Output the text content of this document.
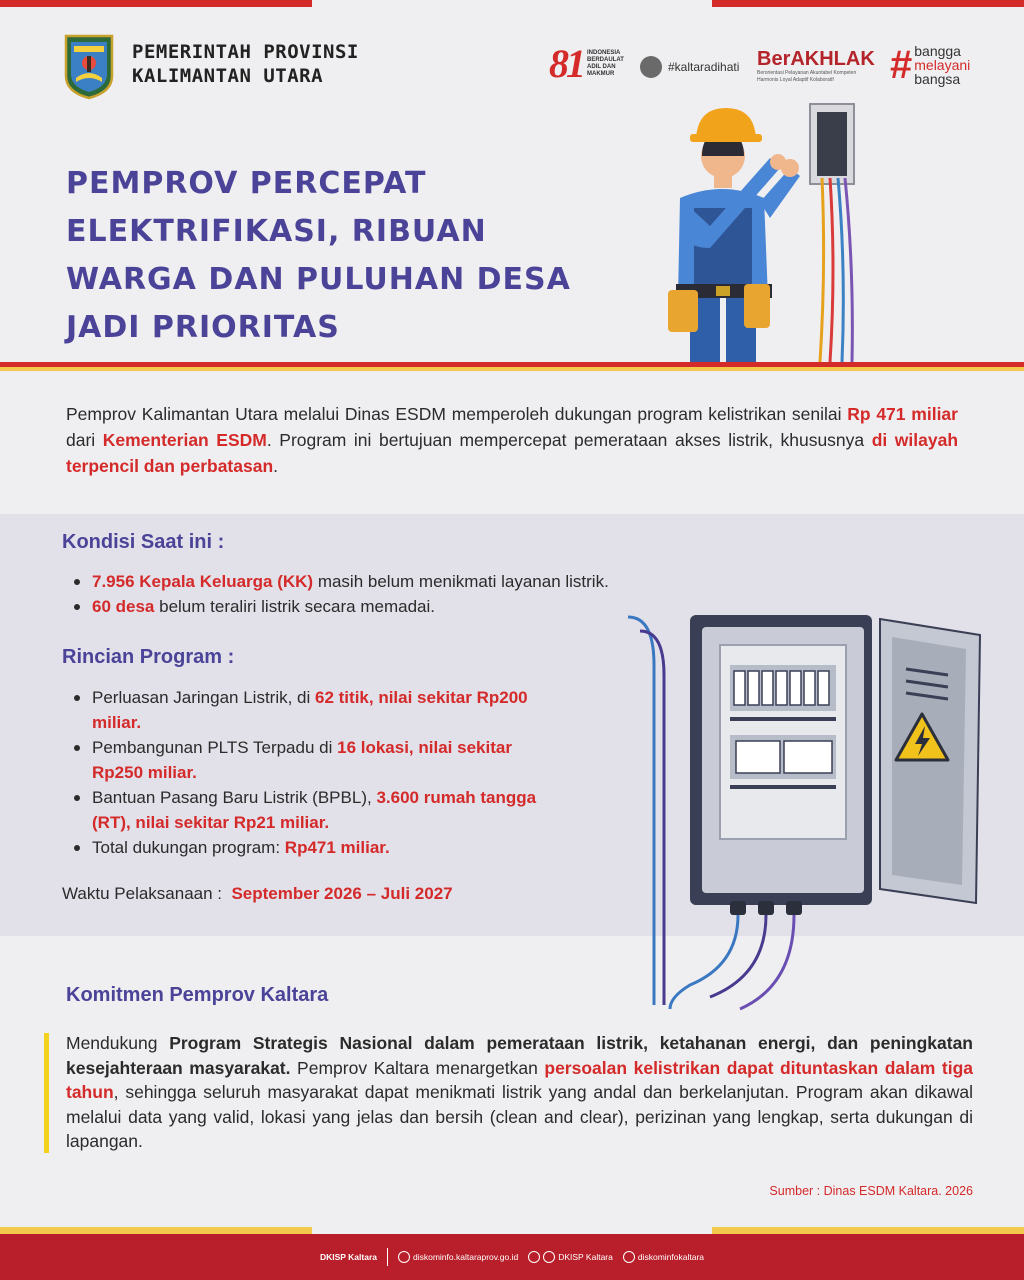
PEMERINTAH PROVINSI
KALIMANTAN UTARA	81 INDONESIA BERDAULAT ADIL DAN MAKMUR	#kaltaradihati BerAKHLAK
Berorientasi Pelayanan Akuntabel Kompeten Harmonis Loyal Adaptif Kolaboratif	# bangga
melayani
bangsa
PEMPROV PERCEPAT
ELEKTRIFIKASI, RIBUAN
WARGA DAN PULUHAN DESA
JADI PRIORITAS

Pemprov Kalimantan Utara melalui Dinas ESDM memperoleh dukungan program kelistrikan senilai Rp 471 miliar dari Kementerian ESDM. Program ini bertujuan mempercepat pemerataan akses listrik, khususnya di wilayah terpencil dan perbatasan.

Kondisi Saat ini :
7.956 Kepala Keluarga (KK) masih belum menikmati layanan listrik.
60 desa belum teraliri listrik secara memadai.
Rincian Program :
Perluasan Jaringan Listrik, di 62 titik, nilai sekitar Rp200 miliar.
Pembangunan PLTS Terpadu di 16 lokasi, nilai sekitar Rp250 miliar.
Bantuan Pasang Baru Listrik (BPBL), 3.600 rumah tangga (RT), nilai sekitar Rp21 miliar.
Total dukungan program: Rp471 miliar.
Waktu Pelaksanaan : September 2026 – Juli 2027
Komitmen Pemprov Kaltara

Mendukung Program Strategis Nasional dalam pemerataan listrik, ketahanan energi, dan peningkatan kesejahteraan masyarakat. Pemprov Kaltara menargetkan persoalan kelistrikan dapat dituntaskan dalam tiga tahun, sehingga seluruh masyarakat dapat menikmati listrik yang andal dan berkelanjutan. Program akan dikawal melalui data yang valid, lokasi yang jelas dan bersih (clean and clear), perizinan yang lengkap, serta dukungan di lapangan.

Sumber : Dinas ESDM Kaltara. 2026
DKISP Kaltara	diskominfo.kaltaraprov.go.id	DKISP Kaltara	diskominfokaltara
